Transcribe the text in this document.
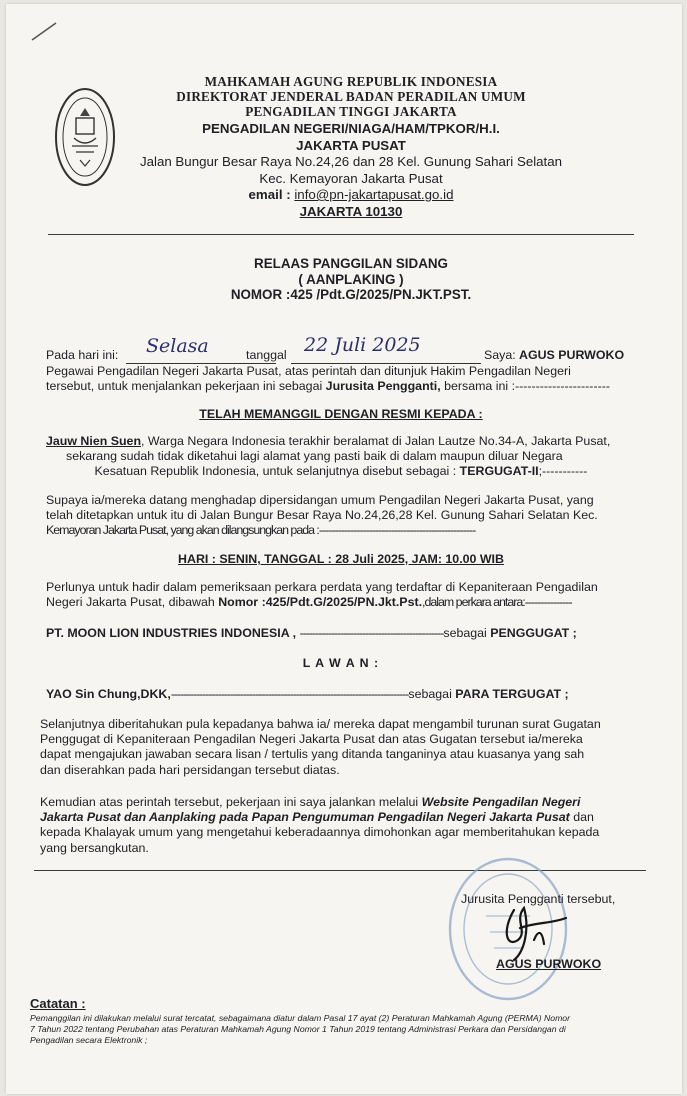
MAHKAMAH AGUNG REPUBLIK INDONESIA
DIREKTORAT JENDERAL BADAN PERADILAN UMUM
PENGADILAN TINGGI JAKARTA
PENGADILAN NEGERI/NIAGA/HAM/TPKOR/H.I.
JAKARTA PUSAT
Jalan Bungur Besar Raya No.24,26 dan 28 Kel. Gunung Sahari Selatan
Kec. Kemayoran Jakarta Pusat
email : info@pn-jakartapusat.go.id
JAKARTA 10130
RELAAS PANGGILAN SIDANG
( AANPLAKING )
NOMOR :425 /Pdt.G/2025/PN.JKT.PST.
Pada hari ini: Selasa	tanggal 22 Juli 2025	Saya: AGUS PURWOKO
Pegawai Pengadilan Negeri Jakarta Pusat, atas perintah dan ditunjuk Hakim Pengadilan Negeri
tersebut, untuk menjalankan pekerjaan ini sebagai Jurusita Pengganti, bersama ini :-----------------------
TELAH MEMANGGIL DENGAN RESMI KEPADA :
Jauw Nien Suen, Warga Negara Indonesia terakhir beralamat di Jalan Lautze No.34-A, Jakarta Pusat,
sekarang sudah tidak diketahui lagi alamat yang pasti baik di dalam maupun diluar Negara
Kesatuan Republik Indonesia, untuk selanjutnya disebut sebagai : TERGUGAT-II;-----------
Supaya ia/mereka datang menghadap dipersidangan umum Pengadilan Negeri Jakarta Pusat, yang
telah ditetapkan untuk itu di Jalan Bungur Besar Raya No.24,26,28 Kel. Gunung Sahari Selatan Kec.
Kemayoran Jakarta Pusat, yang akan dilangsungkan pada :--------------------------------------------------
HARI : SENIN, TANGGAL : 28 Juli 2025, JAM: 10.00 WIB
Perlunya untuk hadir dalam pemeriksaan perkara perdata yang terdaftar di Kepaniteraan Pengadilan
Negeri Jakarta Pusat, dibawah Nomor :425/Pdt.G/2025/PN.Jkt.Pst.,dalam perkara antara:---------------
PT. MOON LION INDUSTRIES INDONESIA , ----------------------------------------------sebagai PENGGUGAT ;
L A W A N :
YAO Sin Chung,DKK,----------------------------------------------------------------------------sebagai PARA TERGUGAT ;
Selanjutnya diberitahukan pula kepadanya bahwa ia/ mereka dapat mengambil turunan surat Gugatan
Penggugat di Kepaniteraan Pengadilan Negeri Jakarta Pusat dan atas Gugatan tersebut ia/mereka
dapat mengajukan jawaban secara lisan / tertulis yang ditanda tanganinya atau kuasanya yang sah
dan diserahkan pada hari persidangan tersebut diatas.
Kemudian atas perintah tersebut, pekerjaan ini saya jalankan melalui Website Pengadilan Negeri
Jakarta Pusat dan Aanplaking pada Papan Pengumuman Pengadilan Negeri Jakarta Pusat dan
kepada Khalayak umum yang mengetahui keberadaannya dimohonkan agar memberitahukan kepada
yang bersangkutan.
Jurusita Pengganti tersebut,
AGUS PURWOKO
Catatan :
Pemanggilan ini dilakukan melalui surat tercatat, sebagaimana diatur dalam Pasal 17 ayat (2) Peraturan Mahkamah Agung (PERMA) Nomor
7 Tahun 2022 tentang Perubahan atas Peraturan Mahkamah Agung Nomor 1 Tahun 2019 tentang Administrasi Perkara dan Persidangan di
Pengadilan secara Elektronik ;
